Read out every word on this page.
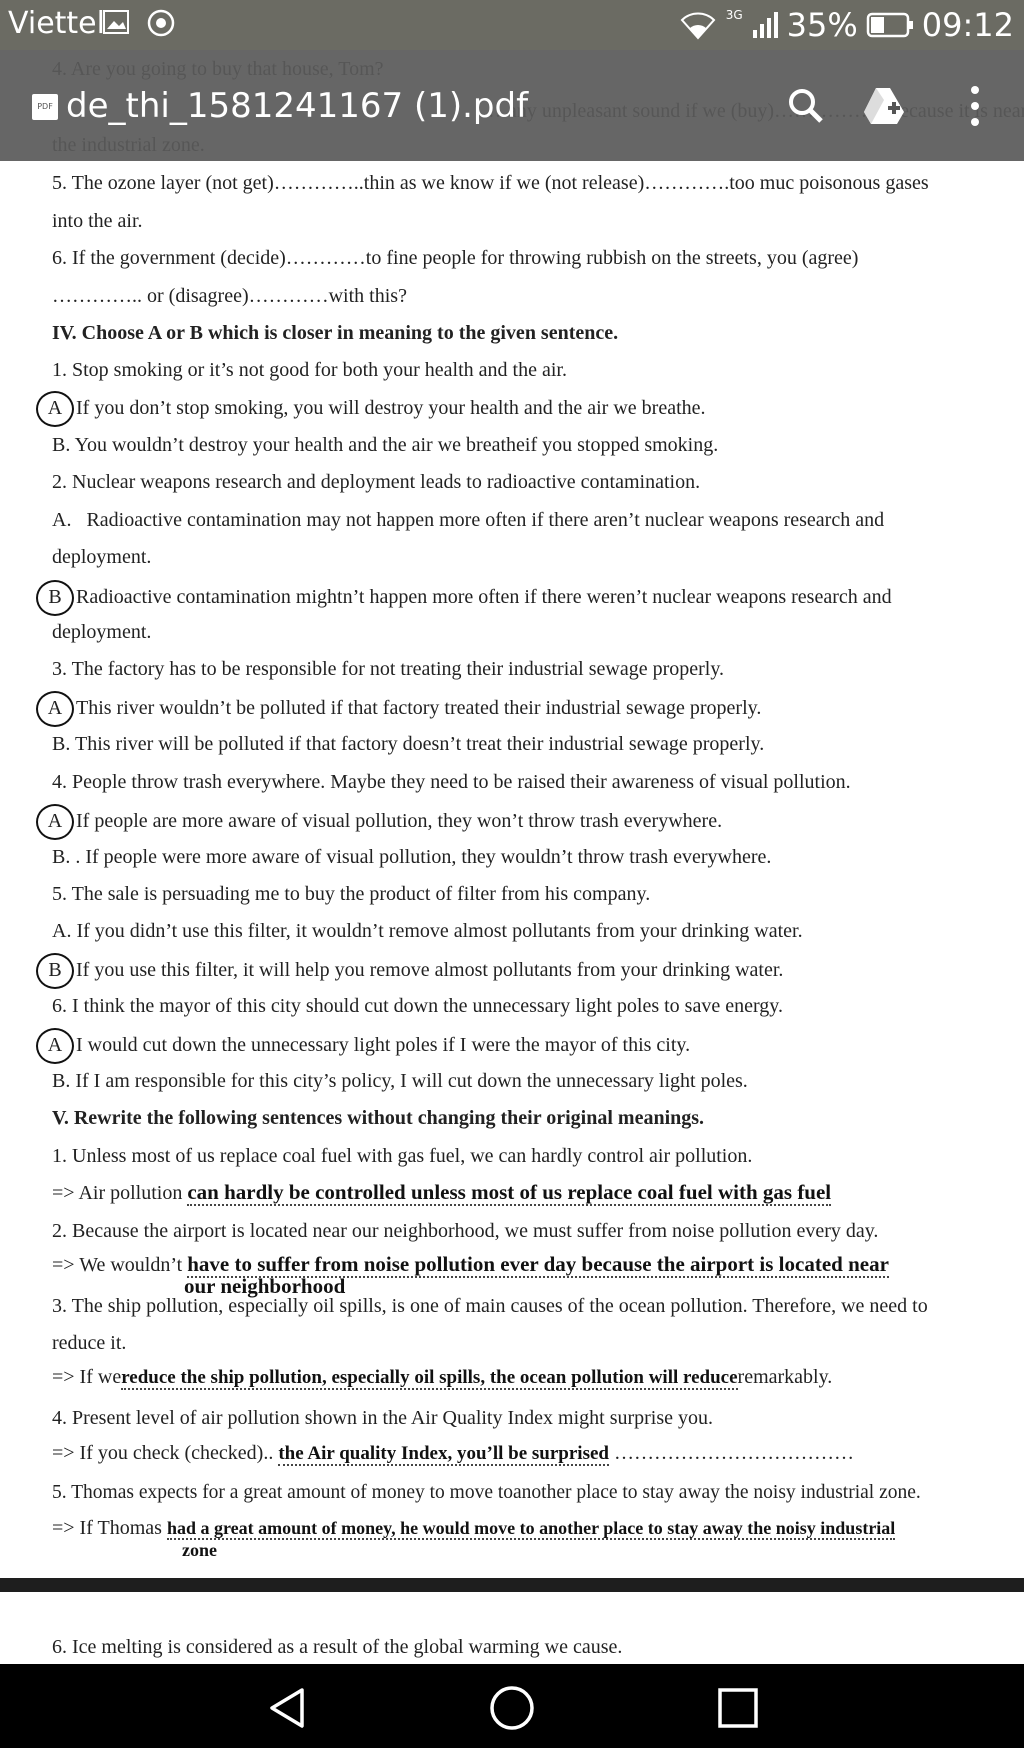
Viettel	3G 35% 09:12
5. The ozone layer (not get)…………..thin as we know if we (not release)………….too muc poisonous gases
into the air.
6. If the government (decide)…………to fine people for throwing rubbish on the streets, you (agree)
………….. or (disagree)…………with this?
IV. Choose A or B which is closer in meaning to the given sentence.
1. Stop smoking or it’s not good for both your health and the air.
A If you don’t stop smoking, you will destroy your health and the air we breathe.
B. You wouldn’t destroy your health and the air we breatheif you stopped smoking.
2. Nuclear weapons research and deployment leads to radioactive contamination.
A.   Radioactive contamination may not happen more often if there aren’t nuclear weapons research and
deployment.
B Radioactive contamination mightn’t happen more often if there weren’t nuclear weapons research and
deployment.
3. The factory has to be responsible for not treating their industrial sewage properly.
A This river wouldn’t be polluted if that factory treated their industrial sewage properly.
B. This river will be polluted if that factory doesn’t treat their industrial sewage properly.
4. People throw trash everywhere. Maybe they need to be raised their awareness of visual pollution.
A If people are more aware of visual pollution, they won’t throw trash everywhere.
B. . If people were more aware of visual pollution, they wouldn’t throw trash everywhere.
5. The sale is persuading me to buy the product of filter from his company.
A. If you didn’t use this filter, it wouldn’t remove almost pollutants from your drinking water.
B If you use this filter, it will help you remove almost pollutants from your drinking water.
6. I think the mayor of this city should cut down the unnecessary light poles to save energy.
A I would cut down the unnecessary light poles if I were the mayor of this city.
B. If I am responsible for this city’s policy, I will cut down the unnecessary light poles.
V. Rewrite the following sentences without changing their original meanings.
1. Unless most of us replace coal fuel with gas fuel, we can hardly control air pollution.
=> Air pollution can hardly be controlled unless most of us replace coal fuel with gas fuel
2. Because the airport is located near our neighborhood, we must suffer from noise pollution every day.
=> We wouldn’t have to suffer from noise pollution ever day because the airport is located near
our neighborhood
3. The ship pollution, especially oil spills, is one of main causes of the ocean pollution. Therefore, we need to
reduce it.
=> If wereduce the ship pollution, especially oil spills, the ocean pollution will reduceremarkably.
4. Present level of air pollution shown in the Air Quality Index might surprise you.
=> If you check (checked).. the Air quality Index, you’ll be surprised ………………………………
5. Thomas expects for a great amount of money to move toanother place to stay away the noisy industrial zone.
=> If Thomas had a great amount of money, he would move to another place to stay away the noisy industrial
zone
PDF de_thi_1581241167 (1).pdf
6. Ice melting is considered as a result of the global warming we cause.
